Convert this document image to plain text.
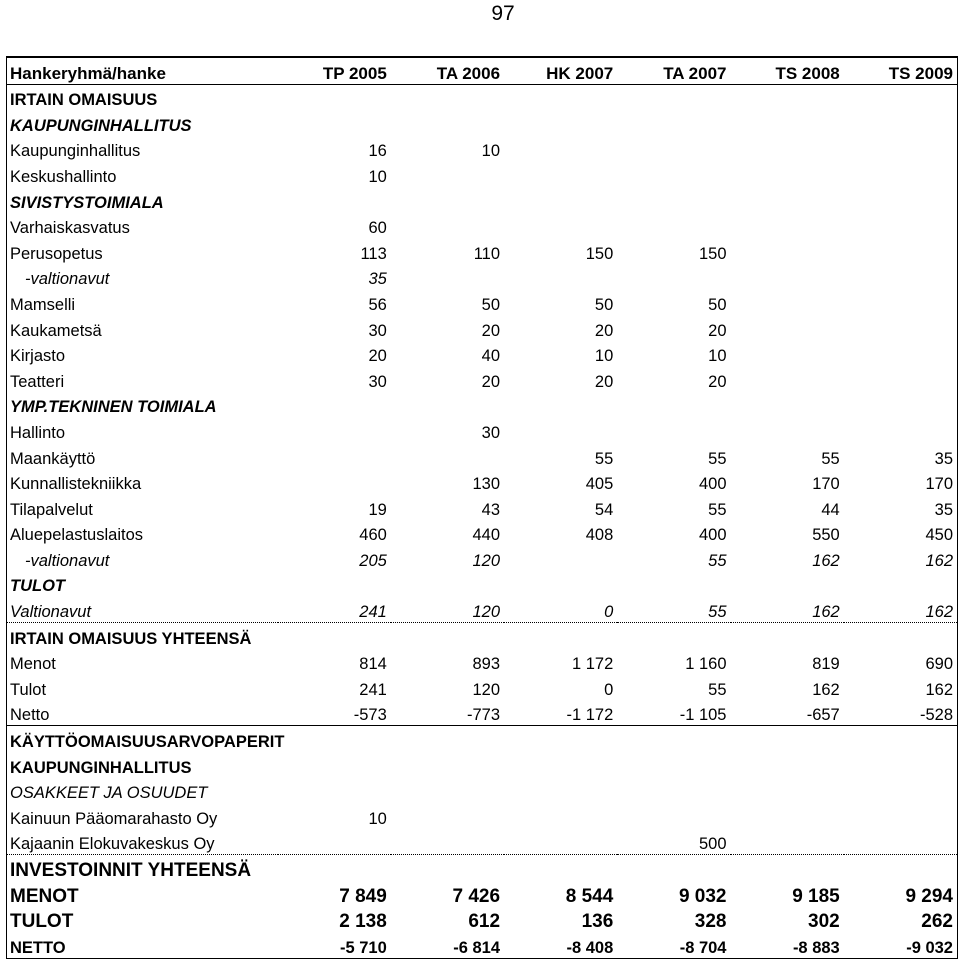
97
Hankeryhmä/hanke	TP 2005	TA 2006	HK 2007	TA 2007	TS 2008	TS 2009
IRTAIN OMAISUUS						
KAUPUNGINHALLITUS						
Kaupunginhallitus	16	10				
Keskushallinto	10					
SIVISTYSTOIMIALA						
Varhaiskasvatus	60					
Perusopetus	113	110	150	150		
-valtionavut	35					
Mamselli	56	50	50	50		
Kaukametsä	30	20	20	20		
Kirjasto	20	40	10	10		
Teatteri	30	20	20	20		
YMP.TEKNINEN TOIMIALA						
Hallinto		30				
Maankäyttö			55	55	55	35
Kunnallistekniikka		130	405	400	170	170
Tilapalvelut	19	43	54	55	44	35
Aluepelastuslaitos	460	440	408	400	550	450
-valtionavut	205	120		55	162	162
TULOT						
Valtionavut	241	120	0	55	162	162
IRTAIN OMAISUUS YHTEENSÄ						
Menot	814	893	1 172	1 160	819	690
Tulot	241	120	0	55	162	162
Netto	-573	-773	-1 172	-1 105	-657	-528
KÄYTTÖOMAISUUSARVOPAPERIT						
KAUPUNGINHALLITUS						
OSAKKEET JA OSUUDET						
Kainuun Pääomarahasto Oy	10					
Kajaanin Elokuvakeskus Oy				500		
INVESTOINNIT YHTEENSÄ						
MENOT	7 849	7 426	8 544	9 032	9 185	9 294
TULOT	2 138	612	136	328	302	262
NETTO	-5 710	-6 814	-8 408	-8 704	-8 883	-9 032
